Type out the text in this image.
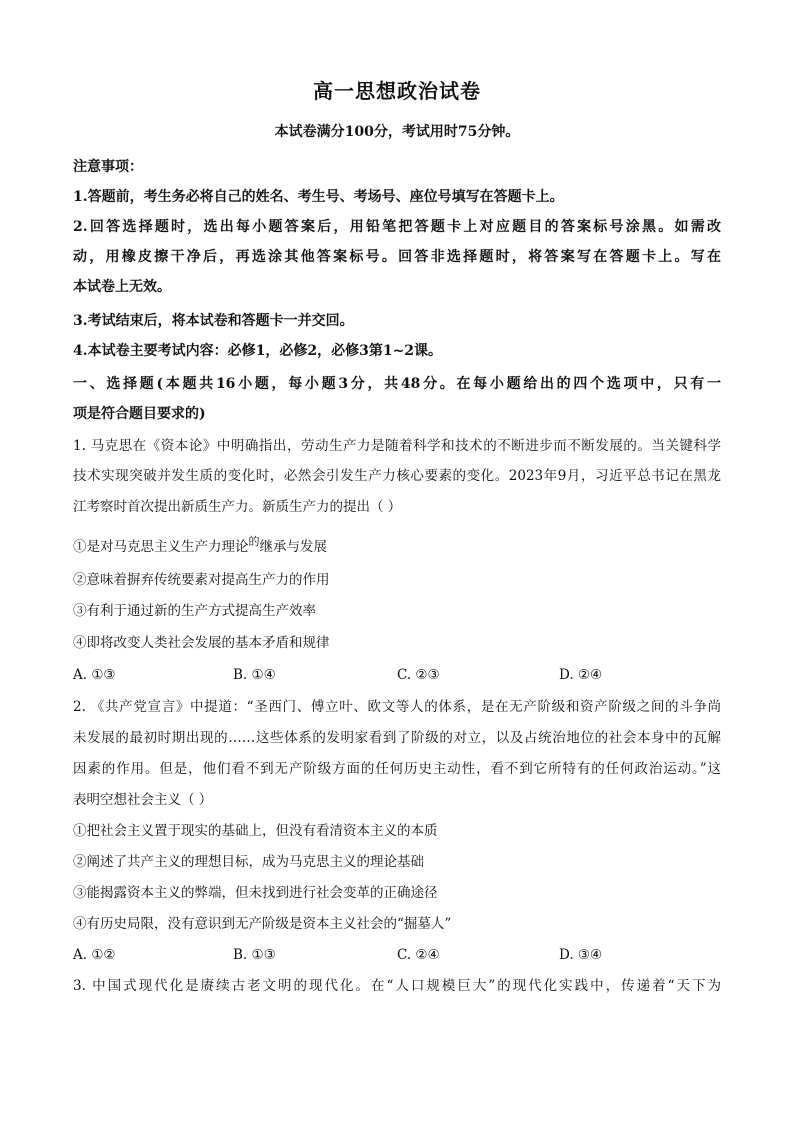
高一思想政治试卷
本试卷满分100分，考试用时75分钟。
注意事项：
1.答题前，考生务必将自己的姓名、考生号、考场号、座位号填写在答题卡上。
2.回答选择题时，选出每小题答案后，用铅笔把答题卡上对应题目的答案标号涂黑。如需改
动，用橡皮擦干净后，再选涂其他答案标号。回答非选择题时，将答案写在答题卡上。写在
本试卷上无效。
3.考试结束后，将本试卷和答题卡一并交回。
4.本试卷主要考试内容：必修1，必修2，必修3第1~2课。
一、选择题(本题共16小题，每小题3分，共48分。在每小题给出的四个选项中，只有一
项是符合题目要求的)
1. 马克思在《资本论》中明确指出，劳动生产力是随着科学和技术的不断进步而不断发展的。当关键科学
技术实现突破并发生质的变化时，必然会引发生产力核心要素的变化。2023年9月，习近平总书记在黑龙
江考察时首次提出新质生产力。新质生产力的提出（ ）
①是对马克思主义生产力理论$^的$继承与发展
②意味着摒弃传统要素对提高生产力的作用
③有利于通过新的生产方式提高生产效率
④即将改变人类社会发展的基本矛盾和规律
A. ①③	B. ①④	C. ②③	D. ②④
2. 《共产党宣言》中提道：“圣西门、傅立叶、欧文等人的体系，是在无产阶级和资产阶级之间的斗争尚
未发展的最初时期出现的……这些体系的发明家看到了阶级的对立，以及占统治地位的社会本身中的瓦解
因素的作用。但是，他们看不到无产阶级方面的任何历史主动性，看不到它所特有的任何政治运动。”这
表明空想社会主义（ ）
①把社会主义置于现实的基础上，但没有看清资本主义的本质
②阐述了共产主义的理想目标，成为马克思主义的理论基础
③能揭露资本主义的弊端，但未找到进行社会变革的正确途径
④有历史局限，没有意识到无产阶级是资本主义社会的“掘墓人”
A. ①②	B. ①③	C. ②④	D. ③④
3. 中国式现代化是赓续古老文明的现代化。在“人口规模巨大”的现代化实践中，传递着“天下为
